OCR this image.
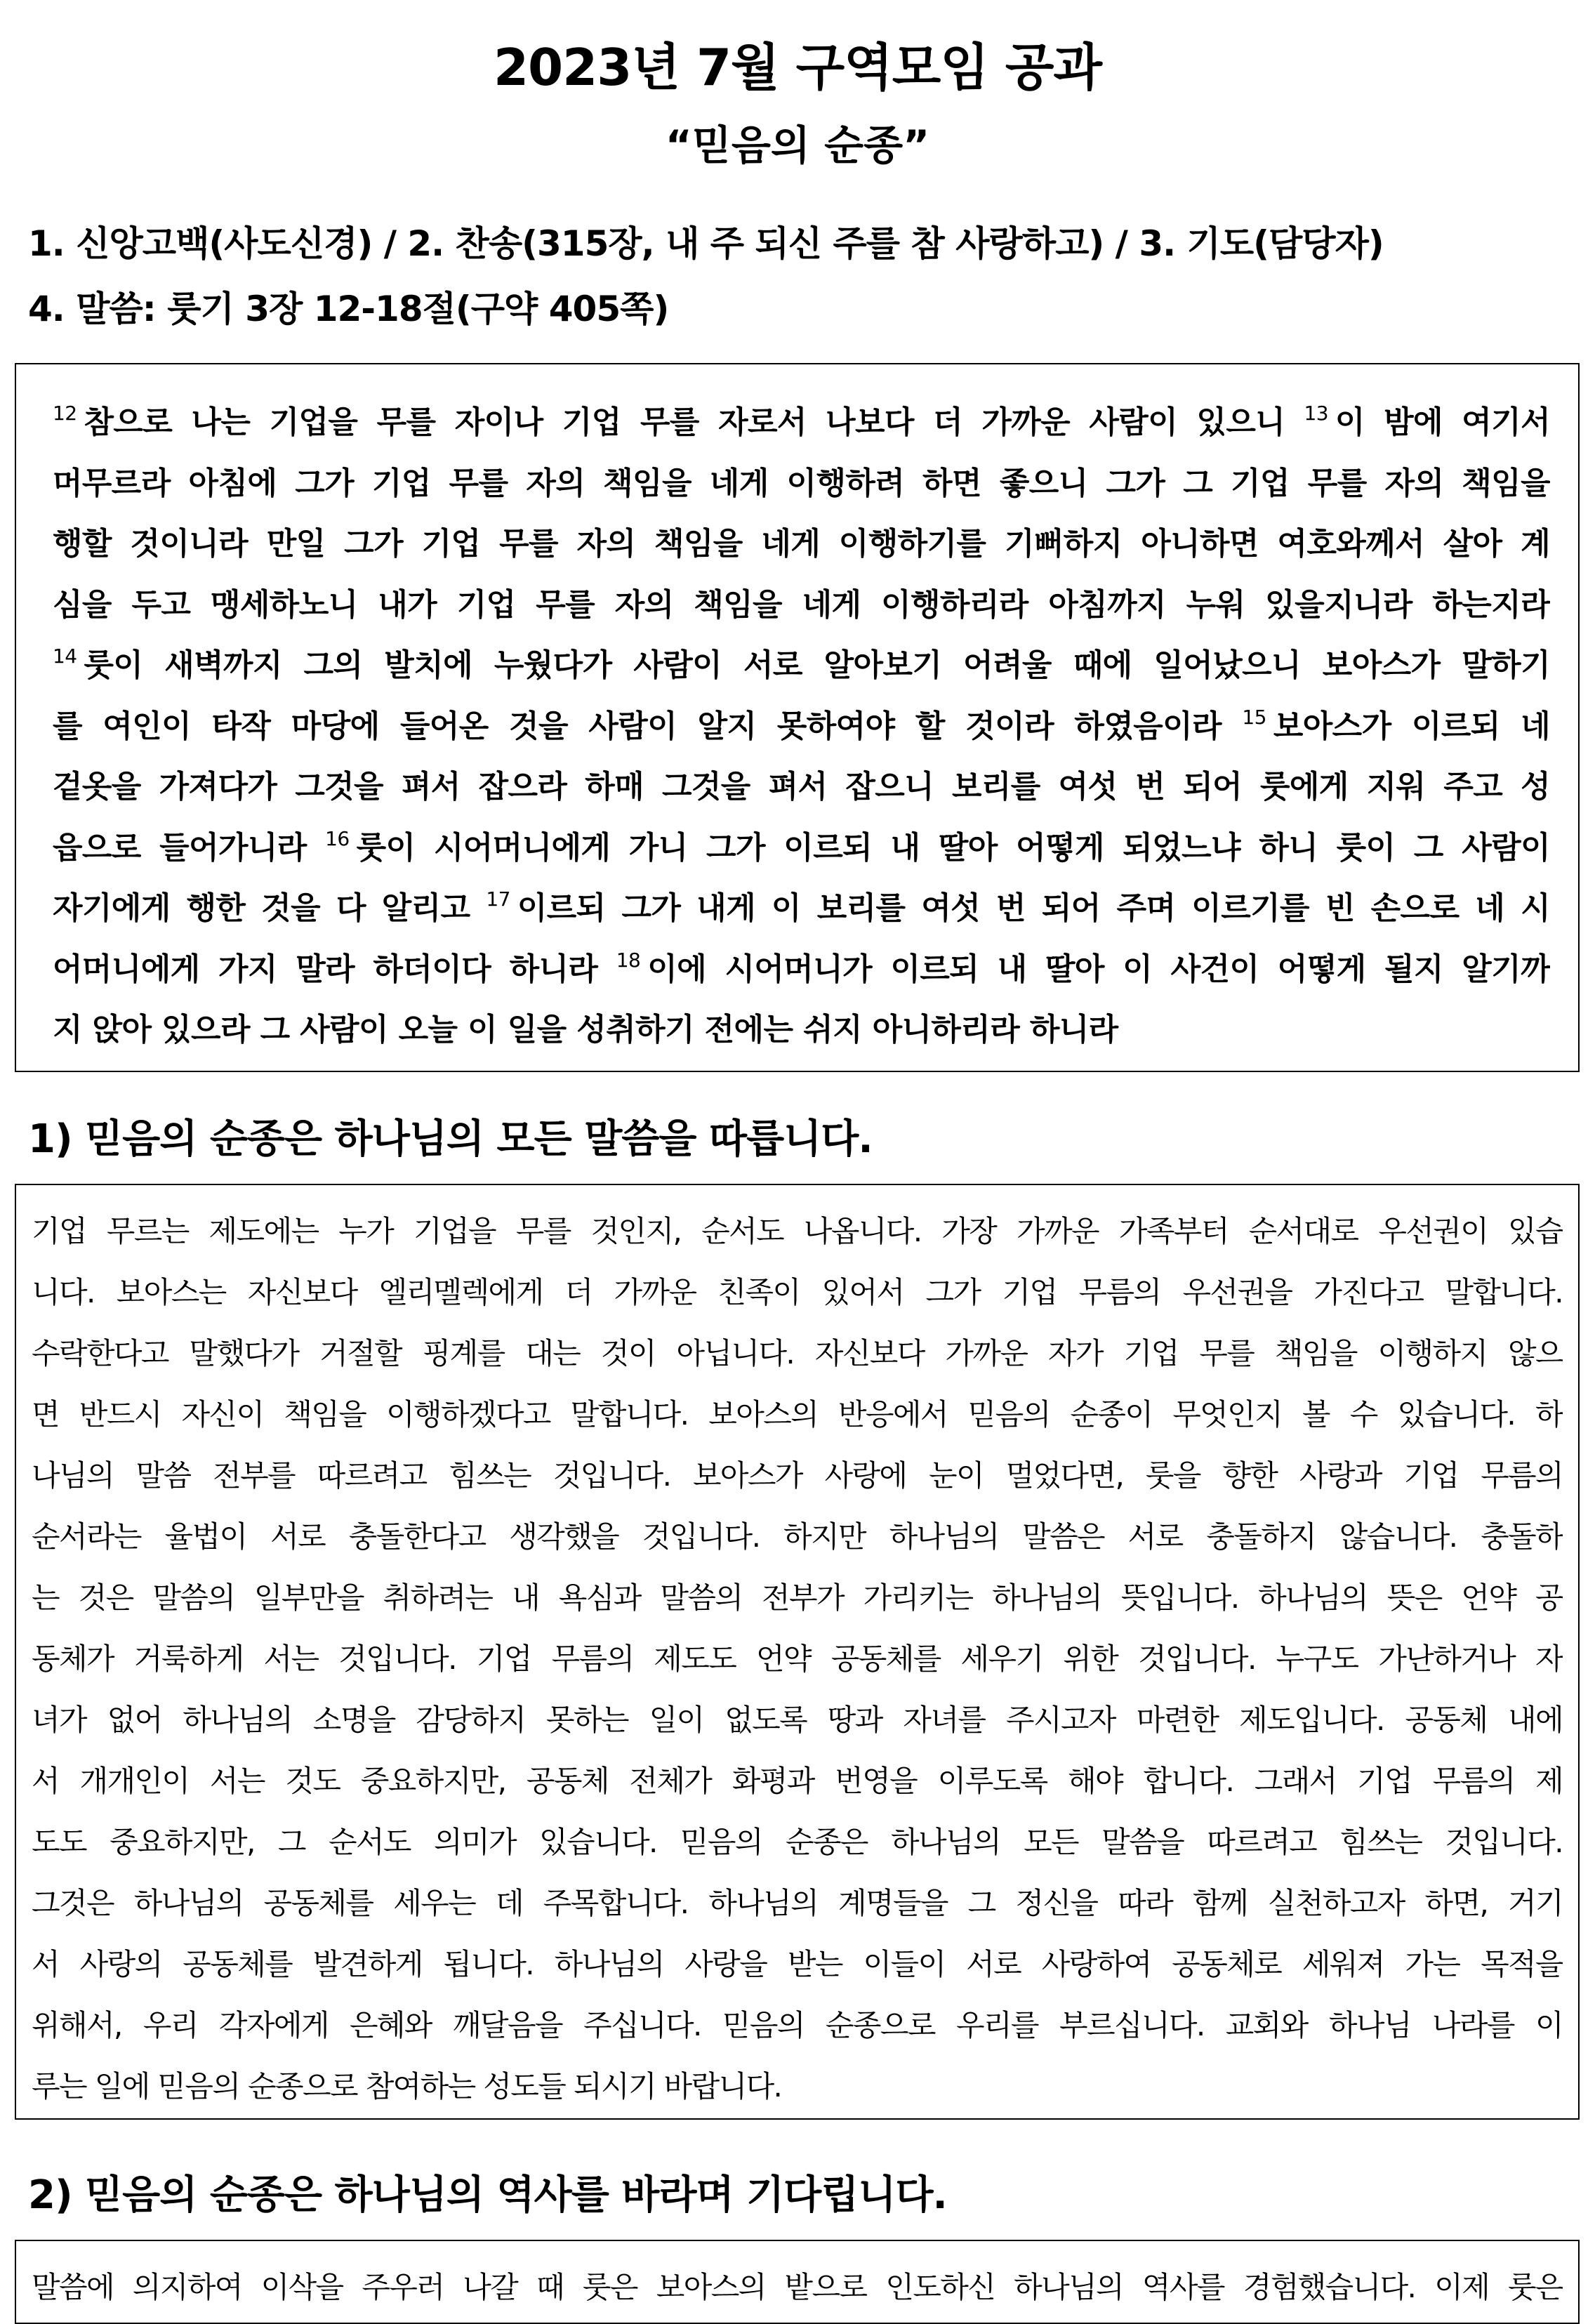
2023년 7월 구역모임 공과
“믿음의 순종”
1. 신앙고백(사도신경) / 2. 찬송(315장, 내 주 되신 주를 참 사랑하고) / 3. 기도(담당자)
4. 말씀: 룻기 3장 12-18절(구약 405쪽)
$^{12}$ 참으로 나는 기업을 무를 자이나 기업 무를 자로서 나보다 더 가까운 사람이 있으니 $^{13}$ 이 밤에 여기서
머무르라 아침에 그가 기업 무를 자의 책임을 네게 이행하려 하면 좋으니 그가 그 기업 무를 자의 책임을
행할 것이니라 만일 그가 기업 무를 자의 책임을 네게 이행하기를 기뻐하지 아니하면 여호와께서 살아 계
심을 두고 맹세하노니 내가 기업 무를 자의 책임을 네게 이행하리라 아침까지 누워 있을지니라 하는지라
$^{14}$ 룻이 새벽까지 그의 발치에 누웠다가 사람이 서로 알아보기 어려울 때에 일어났으니 보아스가 말하기
를 여인이 타작 마당에 들어온 것을 사람이 알지 못하여야 할 것이라 하였음이라 $^{15}$ 보아스가 이르되 네
겉옷을 가져다가 그것을 펴서 잡으라 하매 그것을 펴서 잡으니 보리를 여섯 번 되어 룻에게 지워 주고 성
읍으로 들어가니라 $^{16}$ 룻이 시어머니에게 가니 그가 이르되 내 딸아 어떻게 되었느냐 하니 룻이 그 사람이
자기에게 행한 것을 다 알리고 $^{17}$ 이르되 그가 내게 이 보리를 여섯 번 되어 주며 이르기를 빈 손으로 네 시
어머니에게 가지 말라 하더이다 하니라 $^{18}$ 이에 시어머니가 이르되 내 딸아 이 사건이 어떻게 될지 알기까
지 앉아 있으라 그 사람이 오늘 이 일을 성취하기 전에는 쉬지 아니하리라 하니라
1) 믿음의 순종은 하나님의 모든 말씀을 따릅니다.
기업 무르는 제도에는 누가 기업을 무를 것인지, 순서도 나옵니다. 가장 가까운 가족부터 순서대로 우선권이 있습
니다. 보아스는 자신보다 엘리멜렉에게 더 가까운 친족이 있어서 그가 기업 무름의 우선권을 가진다고 말합니다.
수락한다고 말했다가 거절할 핑계를 대는 것이 아닙니다. 자신보다 가까운 자가 기업 무를 책임을 이행하지 않으
면 반드시 자신이 책임을 이행하겠다고 말합니다. 보아스의 반응에서 믿음의 순종이 무엇인지 볼 수 있습니다. 하
나님의 말씀 전부를 따르려고 힘쓰는 것입니다. 보아스가 사랑에 눈이 멀었다면, 룻을 향한 사랑과 기업 무름의
순서라는 율법이 서로 충돌한다고 생각했을 것입니다. 하지만 하나님의 말씀은 서로 충돌하지 않습니다. 충돌하
는 것은 말씀의 일부만을 취하려는 내 욕심과 말씀의 전부가 가리키는 하나님의 뜻입니다. 하나님의 뜻은 언약 공
동체가 거룩하게 서는 것입니다. 기업 무름의 제도도 언약 공동체를 세우기 위한 것입니다. 누구도 가난하거나 자
녀가 없어 하나님의 소명을 감당하지 못하는 일이 없도록 땅과 자녀를 주시고자 마련한 제도입니다. 공동체 내에
서 개개인이 서는 것도 중요하지만, 공동체 전체가 화평과 번영을 이루도록 해야 합니다. 그래서 기업 무름의 제
도도 중요하지만, 그 순서도 의미가 있습니다. 믿음의 순종은 하나님의 모든 말씀을 따르려고 힘쓰는 것입니다.
그것은 하나님의 공동체를 세우는 데 주목합니다. 하나님의 계명들을 그 정신을 따라 함께 실천하고자 하면, 거기
서 사랑의 공동체를 발견하게 됩니다. 하나님의 사랑을 받는 이들이 서로 사랑하여 공동체로 세워져 가는 목적을
위해서, 우리 각자에게 은혜와 깨달음을 주십니다. 믿음의 순종으로 우리를 부르십니다. 교회와 하나님 나라를 이
루는 일에 믿음의 순종으로 참여하는 성도들 되시기 바랍니다.
2) 믿음의 순종은 하나님의 역사를 바라며 기다립니다.
말씀에 의지하여 이삭을 주우러 나갈 때 룻은 보아스의 밭으로 인도하신 하나님의 역사를 경험했습니다. 이제 룻은
